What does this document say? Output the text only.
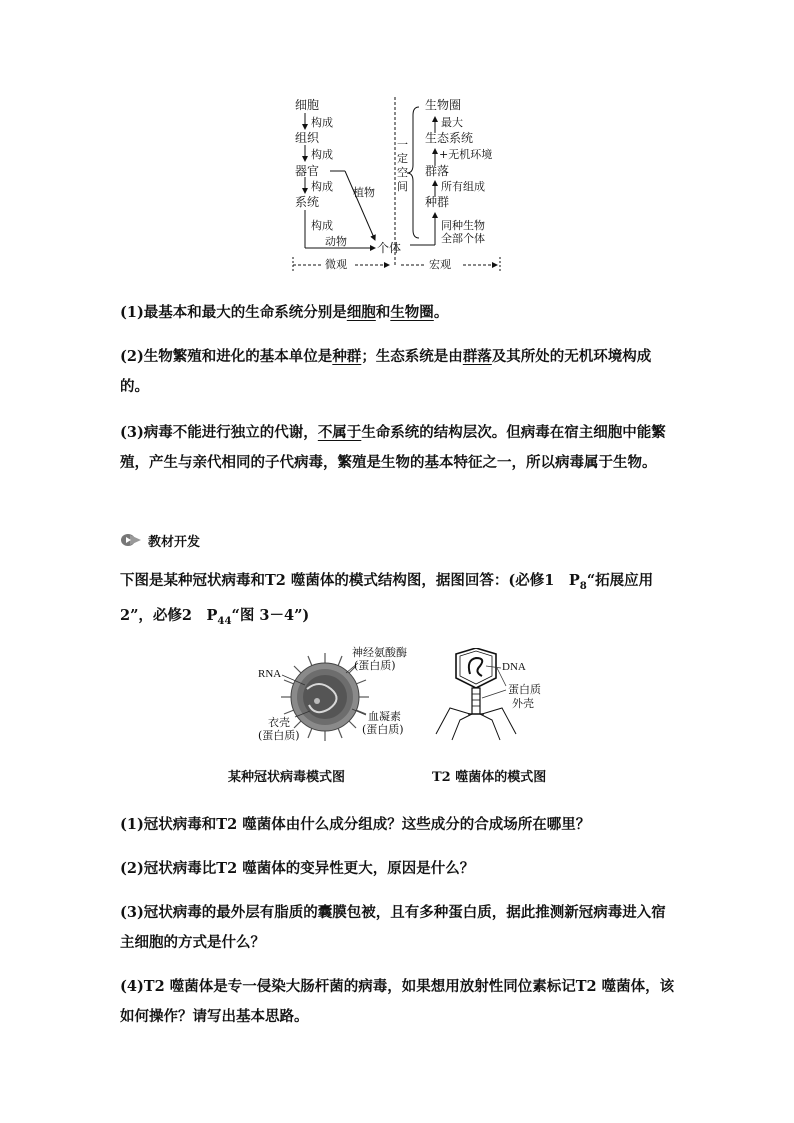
细胞
构成
组织
构成
器官
构成 植物
系统
构成
动物	个体
微观	宏观
一
定
空
间
生物圈
最大
生态系统
+无机环境
群落
所有组成
种群
同种生物
全部个体
(1)最基本和最大的生命系统分别是细胞和生物圈。
(2)生物繁殖和进化的基本单位是种群；生态系统是由群落及其所处的无机环境构成的。
(3)病毒不能进行独立的代谢，不属于生命系统的结构层次。但病毒在宿主细胞中能繁殖，产生与亲代相同的子代病毒，繁殖是生物的基本特征之一，所以病毒属于生物。
教材开发
下图是某种冠状病毒和T2 噬菌体的模式结构图，据图回答：(必修1　$P_8“$拓展应用 2”，必修2　$P_{44}“$图 3－4”)
RNA
神经氨酸酶
(蛋白质)
衣壳
(蛋白质)
血凝素
(蛋白质)
DNA
蛋白质
外壳
某种冠状病毒模式图	T2 噬菌体的模式图
(1)冠状病毒和T2 噬菌体由什么成分组成？这些成分的合成场所在哪里？
(2)冠状病毒比T2 噬菌体的变异性更大，原因是什么？
(3)冠状病毒的最外层有脂质的囊膜包被，且有多种蛋白质，据此推测新冠病毒进入宿主细胞的方式是什么？
(4)T2 噬菌体是专一侵染大肠杆菌的病毒，如果想用放射性同位素标记T2 噬菌体，该如何操作？请写出基本思路。
